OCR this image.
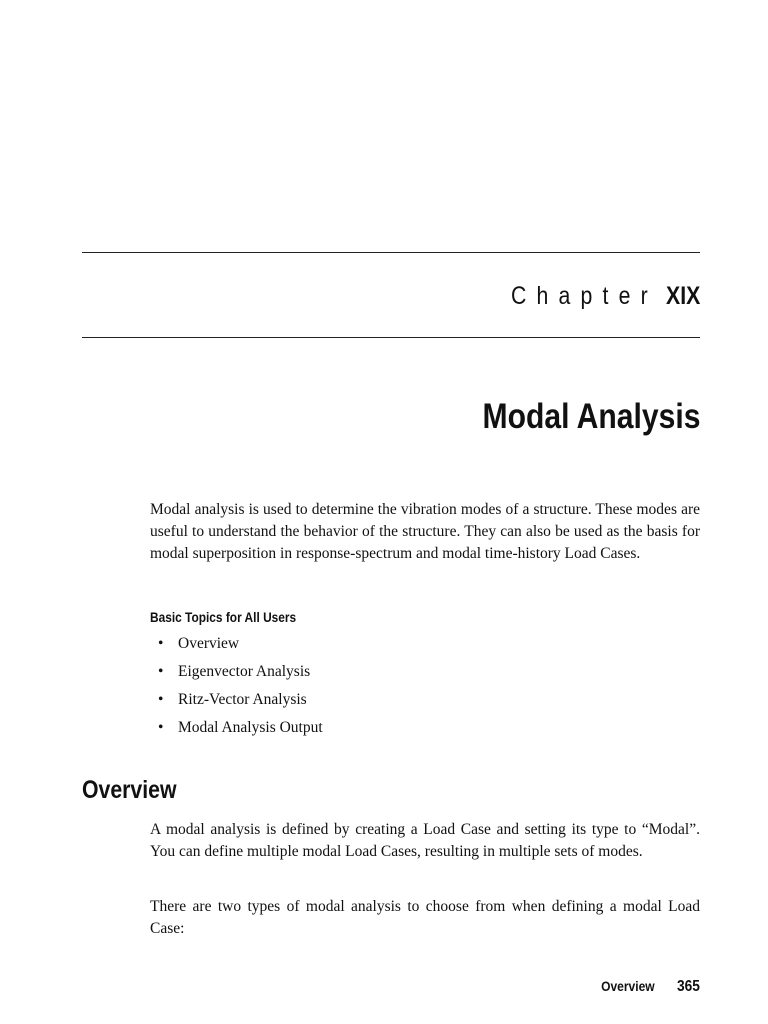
Chapter XIX
Modal Analysis

Modal analysis is used to determine the vibration modes of a structure. These modes are useful to understand the behavior of the structure. They can also be used as the basis for modal superposition in response-spectrum and modal time-history Load Cases.

Basic Topics for All Users
• Overview
• Eigenvector Analysis
• Ritz-Vector Analysis
• Modal Analysis Output
Overview

A modal analysis is defined by creating a Load Case and setting its type to “Modal”. You can define multiple modal Load Cases, resulting in multiple sets of modes.

There are two types of modal analysis to choose from when defining a modal Load Case:

Overview 365
